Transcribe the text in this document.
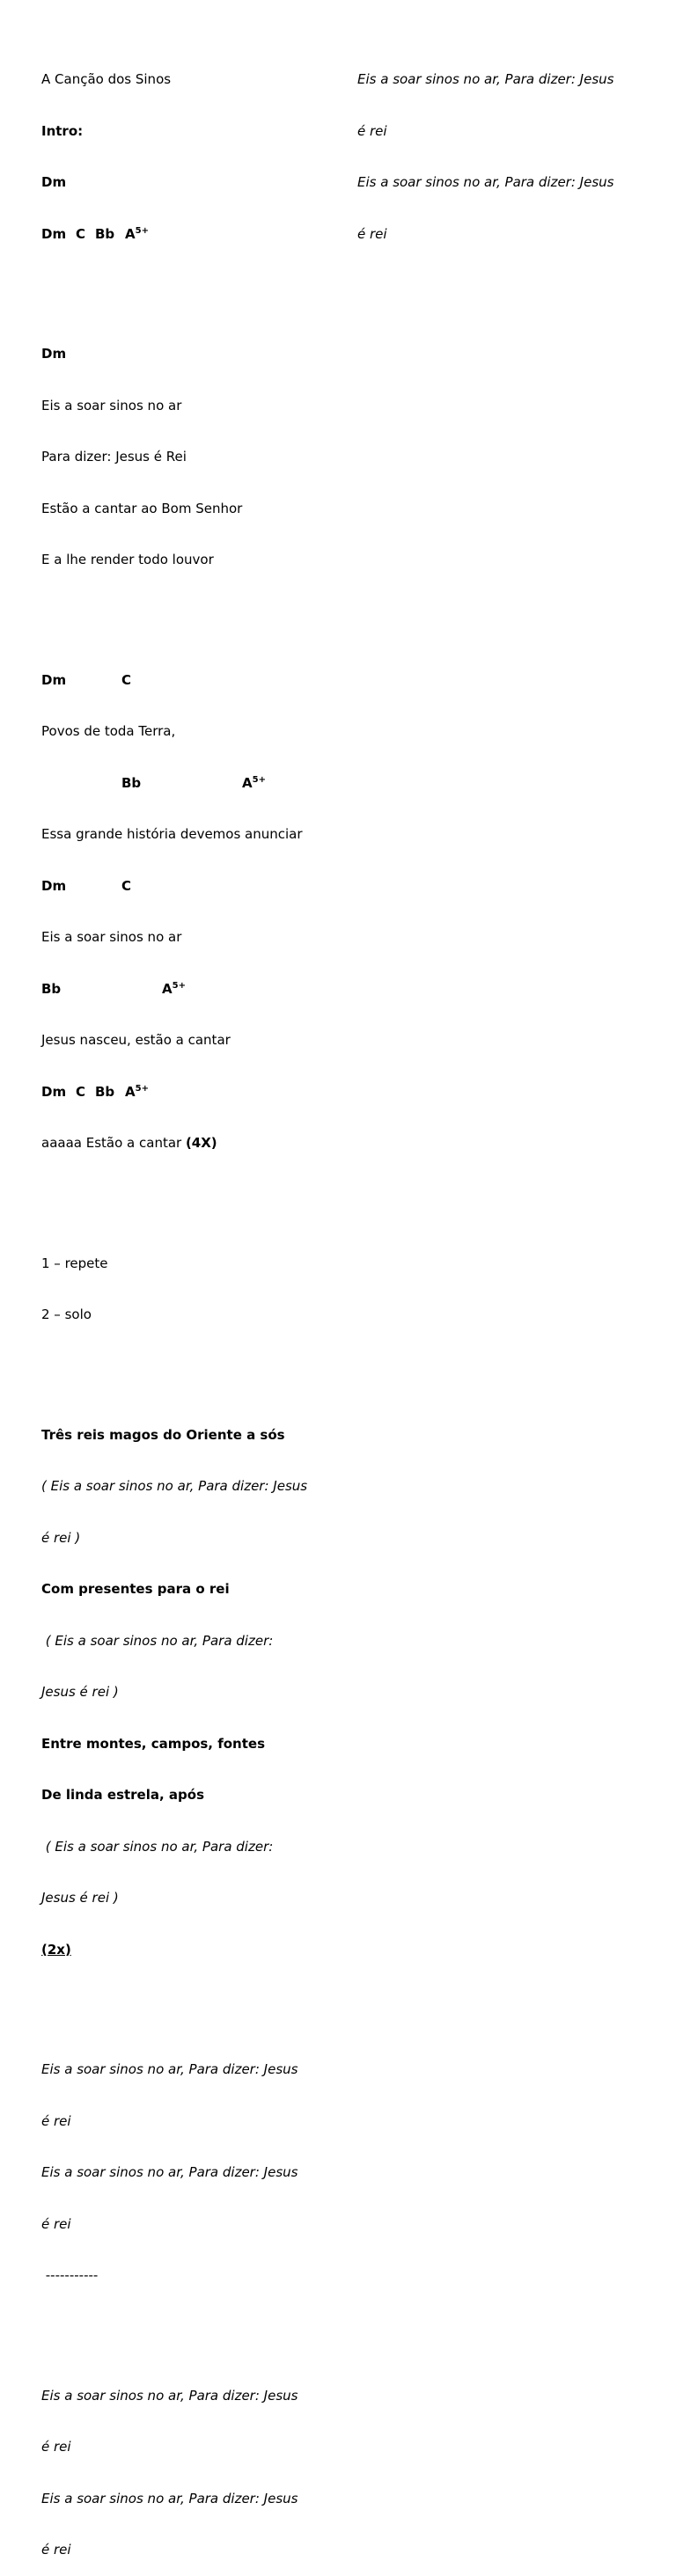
A Canção dos Sinos

Intro:

Dm

Dm

C

Bb

$A^{5+}$

Dm

Eis a soar sinos no ar

Para dizer: Jesus é Rei

Estão a cantar ao Bom Senhor

E a lhe render todo louvor

Dm

	C

Povos de toda Terra,

Bb

	$A^{5+}$

Essa grande história devemos anunciar

Dm

	C

Eis a soar sinos no ar

Bb

	$A^{5+}$

Jesus nasceu, estão a cantar

Dm

C

Bb

$A^{5+}$

aaaaa Estão a cantar (4X)

1 – repete

2 – solo

Três reis magos do Oriente a sós

( Eis a soar sinos no ar, Para dizer: Jesus

é rei )

Com presentes para o rei

( Eis a soar sinos no ar, Para dizer:

Jesus é rei )

Entre montes, campos, fontes

De linda estrela, após

( Eis a soar sinos no ar, Para dizer:

Jesus é rei )

(2x)

Eis a soar sinos no ar, Para dizer: Jesus

é rei

Eis a soar sinos no ar, Para dizer: Jesus

é rei

-----------

Eis a soar sinos no ar, Para dizer: Jesus

é rei

Eis a soar sinos no ar, Para dizer: Jesus

é rei

Eis a soar sinos no ar, Para dizer: Jesus

é rei

Eis a soar sinos no ar, Para dizer: Jesus

é rei
